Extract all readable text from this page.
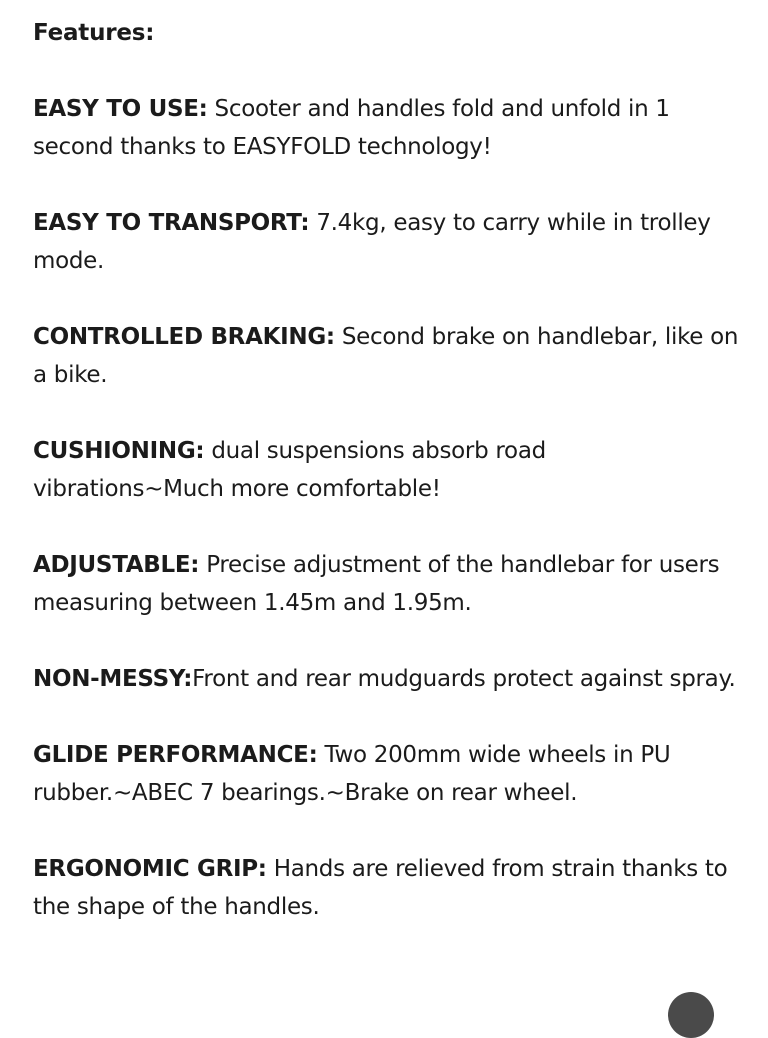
Features:
EASY TO USE: Scooter and handles fold and unfold in 1 second thanks to EASYFOLD technology!
EASY TO TRANSPORT: 7.4kg, easy to carry while in trolley mode.
CONTROLLED BRAKING: Second brake on handlebar, like on a bike.
CUSHIONING: dual suspensions absorb road vibrations~Much more comfortable!
ADJUSTABLE: Precise adjustment of the handlebar for users measuring between 1.45m and 1.95m.
NON-MESSY:Front and rear mudguards protect against spray.
GLIDE PERFORMANCE: Two 200mm wide wheels in PU rubber.~ABEC 7 bearings.~Brake on rear wheel.
ERGONOMIC GRIP: Hands are relieved from strain thanks to the shape of the handles.
